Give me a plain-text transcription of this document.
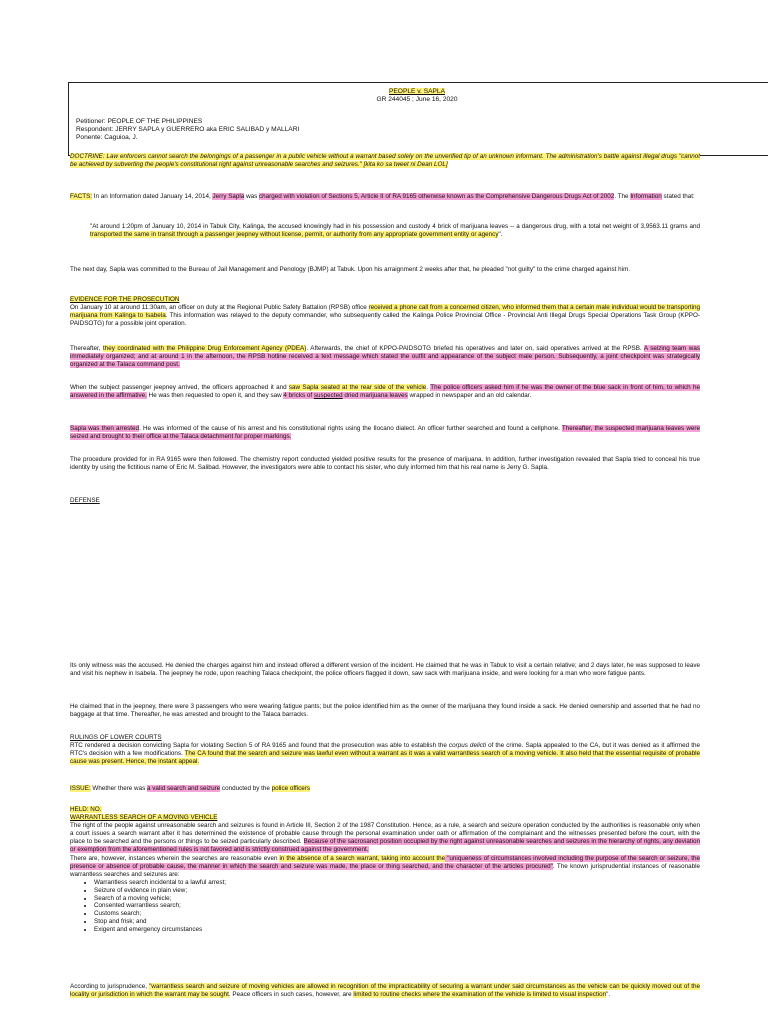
PEOPLE v. SAPLA
GR 244045 ; June 16, 2020
Petitioner: PEOPLE OF THE PHILIPPINES
Respondent: JERRY SAPLA y GUERRERO aka ERIC SALIBAD y MALLARI
Ponente: Caguioa, J.

DOCTRINE: Law enforcers cannot search the belongings of a passenger in a public vehicle without a warrant based solely on the unverified tip of an unknown informant. The administration's battle against illegal drugs "cannot be achieved by subverting the people's constitutional right against unreasonable searches and seizures." [kita ko sa tweet ni Dean LOL]

FACTS: In an Information dated January 14, 2014, Jerry Sapla was charged with violation of Sections 5, Article II of RA 9165 otherwise known as the Comprehensive Dangerous Drugs Act of 2002. The Information stated that:

"At around 1:20pm of January 10, 2014 in Tabuk City, Kalinga, the accused knowingly had in his possession and custody 4 brick of marijuana leaves -- a dangerous drug, with a total net weight of 3,9563.11 grams and transported the same in transit through a passenger jeepney without license, permit, or authority from any appropriate government entity or agency".

The next day, Sapla was committed to the Bureau of Jail Management and Penology (BJMP) at Tabuk. Upon his arraignment 2 weeks after that, he pleaded "not guilty" to the crime charged against him.

EVIDENCE FOR THE PROSECUTION

On January 10 at around 11:30am, an officer on duty at the Regional Public Safety Battalion (RPSB) office received a phone call from a concerned citizen, who informed them that a certain male individual would be transporting marijuana from Kalinga to Isabela. This information was relayed to the deputy commander, who subsequently called the Kalinga Police Provincial Office - Provincial Anti Illegal Drugs Special Operations Task Group (KPPO-PAIDSOTG) for a possible joint operation.

Thereafter, they coordinated with the Philippine Drug Enforcement Agency (PDEA). Afterwards, the chief of KPPO-PAIDSOTG briefed his operatives and later on, said operatives arrived at the RPSB. A seizing team was immediately organized; and at around 1 in the afternoon, the RPSB hotline received a text message which stated the outfit and appearance of the subject male person. Subsequently, a joint checkpoint was strategically organized at the Talaca command post.

When the subject passenger jeepney arrived, the officers approached it and saw Sapla seated at the rear side of the vehicle. The police officers asked him if he was the owner of the blue sack in front of him, to which he answered in the affirmative. He was then requested to open it, and they saw 4 bricks of suspected dried marijuana leaves wrapped in newspaper and an old calendar.

Sapla was then arrested. He was informed of the cause of his arrest and his constitutional rights using the Ilocano dialect. An officer further searched and found a cellphone. Thereafter, the suspected marijuana leaves were seized and brought to their office at the Talaca detachment for proper markings.

The procedure provided for in RA 9165 were then followed. The chemistry report conducted yielded positive results for the presence of marijuana. In addition, further investigation revealed that Sapla tried to conceal his true identity by using the fictitious name of Eric M. Salibad. However, the investigators were able to contact his sister, who duly informed him that his real name is Jerry G. Sapla.

DEFENSE

Its only witness was the accused. He denied the charges against him and instead offered a different version of the incident. He claimed that he was in Tabuk to visit a certain relative; and 2 days later, he was supposed to leave and visit his nephew in Isabela. The jeepney he rode, upon reaching Talaca checkpoint, the police officers flagged it down, saw sack with marijuana inside, and were looking for a man who wore fatigue pants.

He claimed that in the jeepney, there were 3 passengers who were wearing fatigue pants; but the police identified him as the owner of the marijuana they found inside a sack. He denied ownership and asserted that he had no baggage at that time. Thereafter, he was arrested and brought to the Talaca barracks.

RULINGS OF LOWER COURTS

RTC rendered a decision convicting Sapla for violating Section 5 of RA 9165 and found that the prosecution was able to establish the corpus delicti of the crime. Sapla appealed to the CA, but it was denied as it affirmed the RTC's decision with a few modifications. The CA found that the search and seizure was lawful even without a warrant as it was a valid warrantless search of a moving vehicle. It also held that the essential requisite of probable cause was present. Hence, the instant appeal.

ISSUE: Whether there was a valid search and seizure conducted by the police officers

HELD: NO.

WARRANTLESS SEARCH OF A MOVING VEHICLE

The right of the people against unreasonable search and seizures is found in Article III, Section 2 of the 1987 Constitution. Hence, as a rule, a search and seizure operation conducted by the authorities is reasonable only when a court issues a search warrant after it has determined the existence of probable cause through the personal examination under oath or affirmation of the complainant and the witnesses presented before the court, with the place to be searched and the persons or things to be seized particularly described. Because of the sacrosanct position occupied by the right against unreasonable searches and seizures in the hierarchy of rights, any deviation or exemption from the aforementioned rules is not favored and is strictly construed against the government.

There are, however, instances wherein the searches are reasonable even in the absence of a search warrant, taking into account the "uniqueness of circumstances involved including the purpose of the search or seizure, the presence or absence of probable cause, the manner in which the search and seizure was made, the place or thing searched, and the character of the articles procured". The known jurisprudential instances of reasonable warrantless searches and seizures are:

• Warrantless search incidental to a lawful arrest;
• Seizure of evidence in plain view;
• Search of a moving vehicle;
• Consented warrantless search;
• Customs search;
• Stop and frisk; and
• Exigent and emergency circumstances

According to jurisprudence, "warrantless search and seizure of moving vehicles are allowed in recognition of the impracticability of securing a warrant under said circumstances as the vehicle can be quickly moved out of the locality or jurisdiction in which the warrant may be sought. Peace officers in such cases, however, are limited to routine checks where the examination of the vehicle is limited to visual inspection".
